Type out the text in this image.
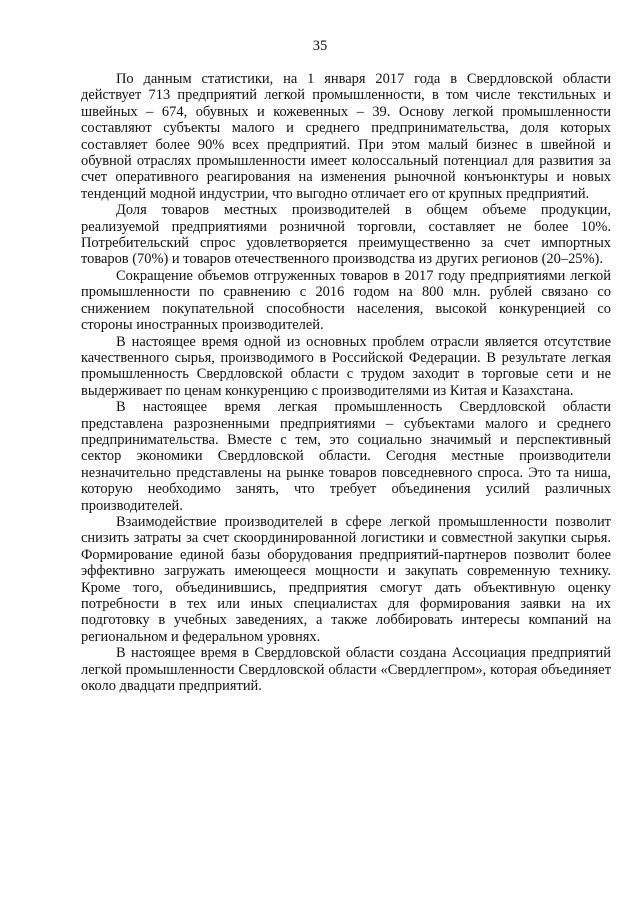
35

По данным статистики, на 1 января 2017 года в Свердловской области действует 713 предприятий легкой промышленности, в том числе текстильных и швейных – 674, обувных и кожевенных – 39. Основу легкой промышленности составляют субъекты малого и среднего предпринимательства, доля которых составляет более 90% всех предприятий. При этом малый бизнес в швейной и обувной отраслях промышленности имеет колоссальный потенциал для развития за счет оперативного реагирования на изменения рыночной конъюнктуры и новых тенденций модной индустрии, что выгодно отличает его от крупных предприятий.

Доля товаров местных производителей в общем объеме продукции, реализуемой предприятиями розничной торговли, составляет не более 10%. Потребительский спрос удовлетворяется преимущественно за счет импортных товаров (70%) и товаров отечественного производства из других регионов (20–25%).

Сокращение объемов отгруженных товаров в 2017 году предприятиями легкой промышленности по сравнению с 2016 годом на 800 млн. рублей связано со снижением покупательной способности населения, высокой конкуренцией со стороны иностранных производителей.

В настоящее время одной из основных проблем отрасли является отсутствие качественного сырья, производимого в Российской Федерации. В результате легкая промышленность Свердловской области с трудом заходит в торговые сети и не выдерживает по ценам конкуренцию с производителями из Китая и Казахстана.

В настоящее время легкая промышленность Свердловской области представлена разрозненными предприятиями – субъектами малого и среднего предпринимательства. Вместе с тем, это социально значимый и перспективный сектор экономики Свердловской области. Сегодня местные производители незначительно представлены на рынке товаров повседневного спроса. Это та ниша, которую необходимо занять, что требует объединения усилий различных производителей.

Взаимодействие производителей в сфере легкой промышленности позволит снизить затраты за счет скоординированной логистики и совместной закупки сырья. Формирование единой базы оборудования предприятий-партнеров позволит более эффективно загружать имеющееся мощности и закупать современную технику. Кроме того, объединившись, предприятия смогут дать объективную оценку потребности в тех или иных специалистах для формирования заявки на их подготовку в учебных заведениях, а также лоббировать интересы компаний на региональном и федеральном уровнях.

В настоящее время в Свердловской области создана Ассоциация предприятий легкой промышленности Свердловской области «Свердлегпром», которая объединяет около двадцати предприятий.
